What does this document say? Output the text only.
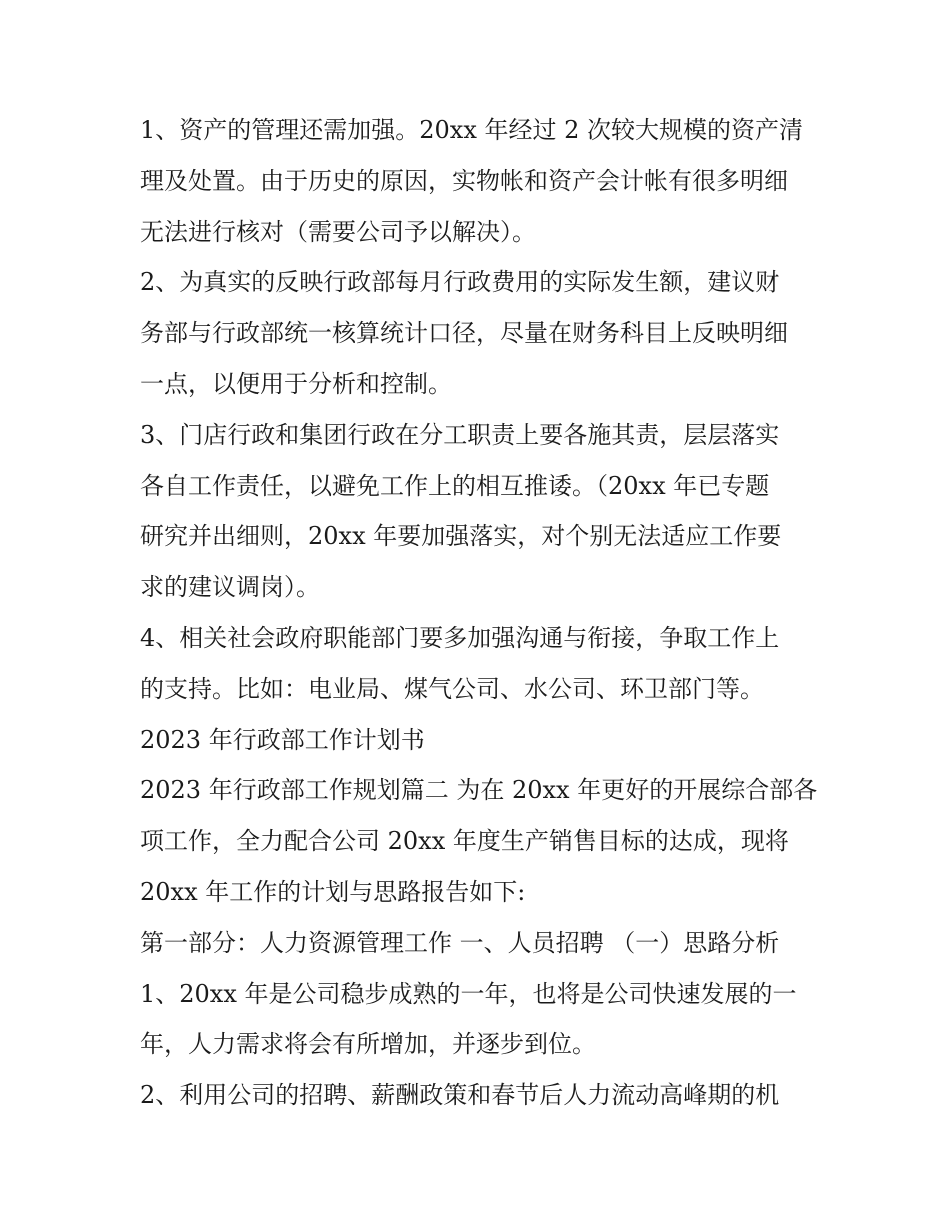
1、资产的管理还需加强。20xx 年经过 2 次较大规模的资产清
理及处置。由于历史的原因，实物帐和资产会计帐有很多明细
无法进行核对（需要公司予以解决）。
2、为真实的反映行政部每月行政费用的实际发生额，建议财
务部与行政部统一核算统计口径，尽量在财务科目上反映明细
一点，以便用于分析和控制。
3、门店行政和集团行政在分工职责上要各施其责，层层落实
各自工作责任，以避免工作上的相互推诿。（20xx 年已专题
研究并出细则，20xx 年要加强落实，对个别无法适应工作要
求的建议调岗）。
4、相关社会政府职能部门要多加强沟通与衔接，争取工作上
的支持。比如：电业局、煤气公司、水公司、环卫部门等。
2023 年行政部工作计划书
2023 年行政部工作规划篇二 为在 20xx 年更好的开展综合部各
项工作，全力配合公司 20xx 年度生产销售目标的达成，现将
20xx 年工作的计划与思路报告如下:
第一部分：人力资源管理工作 一、人员招聘 （一）思路分析
1、20xx 年是公司稳步成熟的一年，也将是公司快速发展的一
年，人力需求将会有所增加，并逐步到位。
2、利用公司的招聘、薪酬政策和春节后人力流动高峰期的机
